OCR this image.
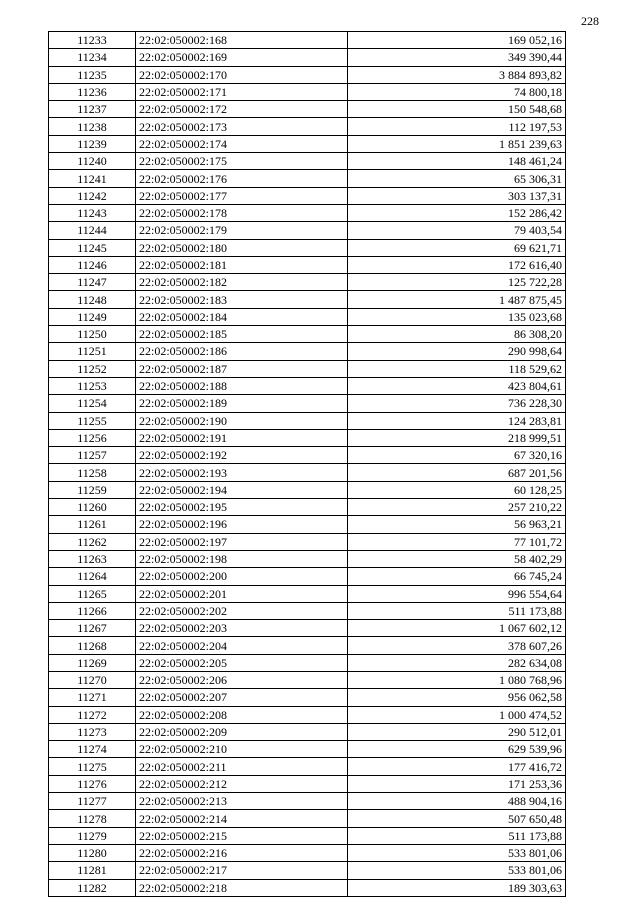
228
11233	22:02:050002:168	169 052,16
11234	22:02:050002:169	349 390,44
11235	22:02:050002:170	3 884 893,82
11236	22:02:050002:171	74 800,18
11237	22:02:050002:172	150 548,68
11238	22:02:050002:173	112 197,53
11239	22:02:050002:174	1 851 239,63
11240	22:02:050002:175	148 461,24
11241	22:02:050002:176	65 306,31
11242	22:02:050002:177	303 137,31
11243	22:02:050002:178	152 286,42
11244	22:02:050002:179	79 403,54
11245	22:02:050002:180	69 621,71
11246	22:02:050002:181	172 616,40
11247	22:02:050002:182	125 722,28
11248	22:02:050002:183	1 487 875,45
11249	22:02:050002:184	135 023,68
11250	22:02:050002:185	86 308,20
11251	22:02:050002:186	290 998,64
11252	22:02:050002:187	118 529,62
11253	22:02:050002:188	423 804,61
11254	22:02:050002:189	736 228,30
11255	22:02:050002:190	124 283,81
11256	22:02:050002:191	218 999,51
11257	22:02:050002:192	67 320,16
11258	22:02:050002:193	687 201,56
11259	22:02:050002:194	60 128,25
11260	22:02:050002:195	257 210,22
11261	22:02:050002:196	56 963,21
11262	22:02:050002:197	77 101,72
11263	22:02:050002:198	58 402,29
11264	22:02:050002:200	66 745,24
11265	22:02:050002:201	996 554,64
11266	22:02:050002:202	511 173,88
11267	22:02:050002:203	1 067 602,12
11268	22:02:050002:204	378 607,26
11269	22:02:050002:205	282 634,08
11270	22:02:050002:206	1 080 768,96
11271	22:02:050002:207	956 062,58
11272	22:02:050002:208	1 000 474,52
11273	22:02:050002:209	290 512,01
11274	22:02:050002:210	629 539,96
11275	22:02:050002:211	177 416,72
11276	22:02:050002:212	171 253,36
11277	22:02:050002:213	488 904,16
11278	22:02:050002:214	507 650,48
11279	22:02:050002:215	511 173,88
11280	22:02:050002:216	533 801,06
11281	22:02:050002:217	533 801,06
11282	22:02:050002:218	189 303,63
